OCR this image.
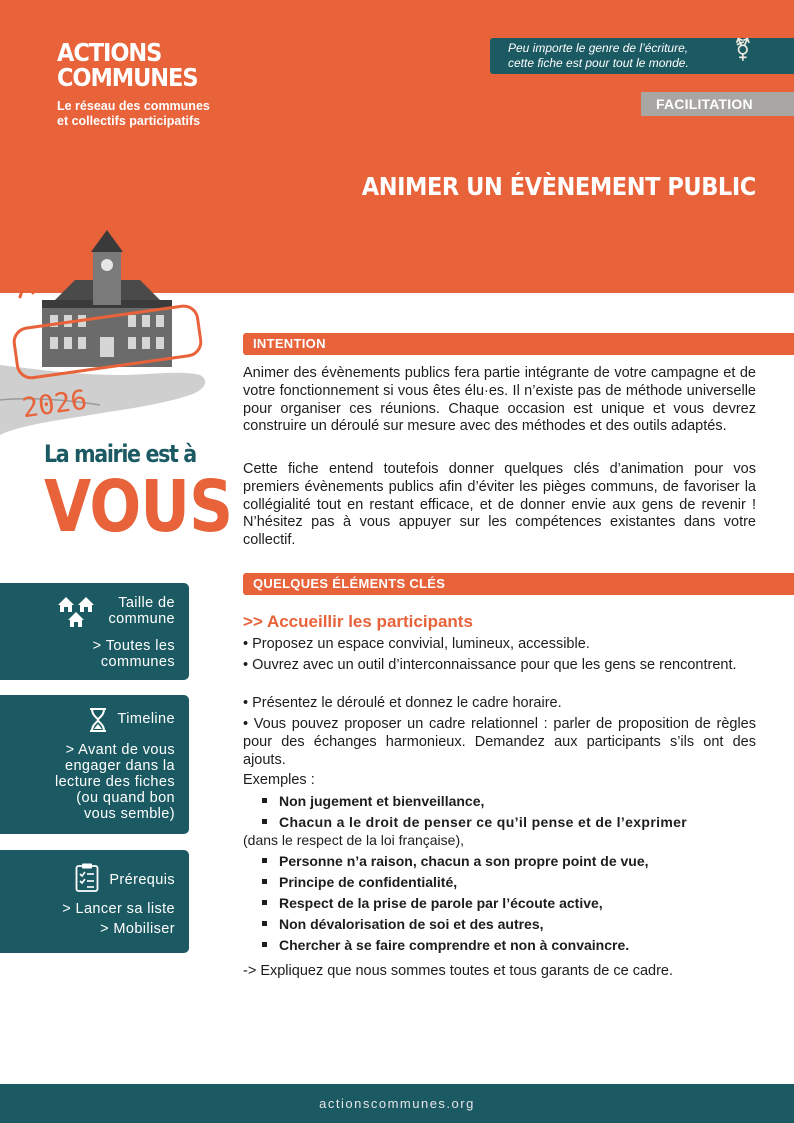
ACTIONS
COMMUNES
Le réseau des communes
et collectifs participatifs
Peu importe le genre de l’écriture,
cette fiche est pour tout le monde.
⚧
FACILITATION
ANIMER UN ÉVÈNEMENT PUBLIC
2026
La mairie est à
VOUS
Taille de
commune
> Toutes les
communes
Timeline
> Avant de vous
engager dans la
lecture des fiches
(ou quand bon
vous semble)
Prérequis
> Lancer sa liste
> Mobiliser
INTENTION

Animer des évènements publics fera partie intégrante de votre campagne et de votre fonctionnement si vous êtes élu·es. Il n’existe pas de méthode universelle pour organiser ces réunions. Chaque occasion est unique et vous devrez construire un déroulé sur mesure avec des méthodes et des outils adaptés.

Cette fiche entend toutefois donner quelques clés d’animation pour vos premiers évènements publics afin d’éviter les pièges communs, de favoriser la collégialité tout en restant efficace, et de donner envie aux gens de revenir ! N’hésitez pas à vous appuyer sur les compétences existantes dans votre collectif.

QUELQUES ÉLÉMENTS CLÉS
>> Accueillir les participants
• Proposez un espace convivial, lumineux, accessible.
• Ouvrez avec un outil d’interconnaissance pour que les gens se rencontrent.
• Présentez le déroulé et donnez le cadre horaire.
• Vous pouvez proposer un cadre relationnel : parler de proposition de règles pour des échanges harmonieux. Demandez aux participants s’ils ont des ajouts.
Exemples :
Non jugement et bienveillance,
Chacun a le droit de penser ce qu’il pense et de l’exprimer
(dans le respect de la loi française),
Personne n’a raison, chacun a son propre point de vue,
Principe de confidentialité,
Respect de la prise de parole par l’écoute active,
Non dévalorisation de soi et des autres,
Chercher à se faire comprendre et non à convaincre.
-> Expliquez que nous sommes toutes et tous garants de ce cadre.
actionscommunes.org
